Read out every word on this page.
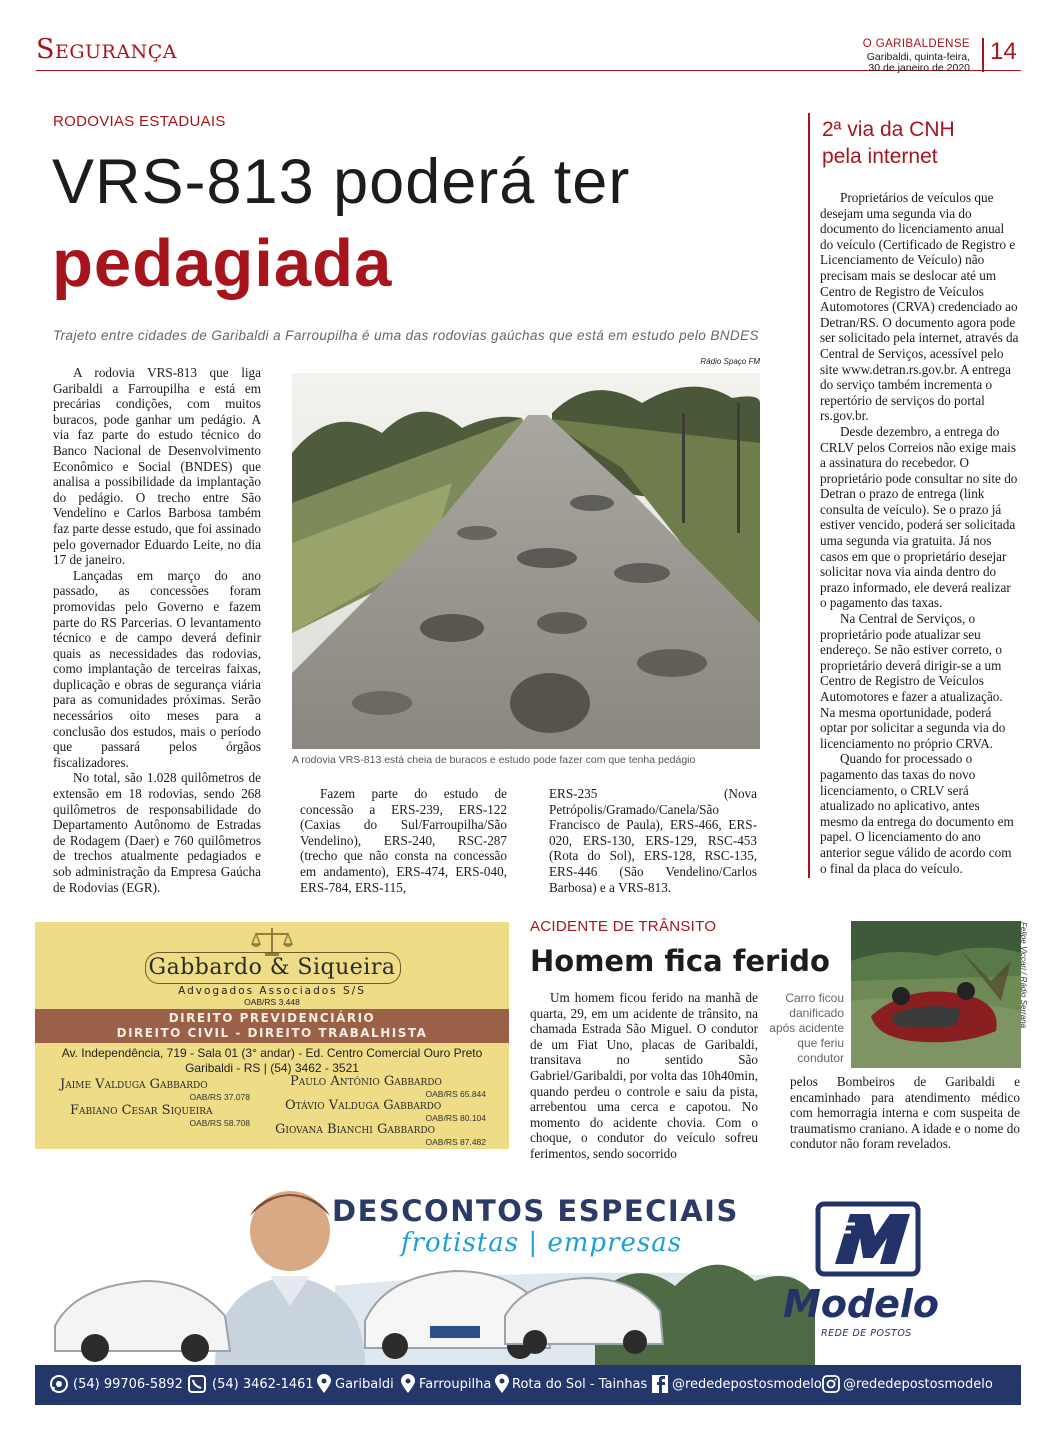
Segurança	O GARIBALDENSE
Garibaldi, quinta-feira,
30 de janeiro de 2020
14
RODOVIAS ESTADUAIS
VRS-813 poderá ter
pedagiada
Trajeto entre cidades de Garibaldi a Farroupilha é uma das rodovias gaúchas que está em estudo pelo BNDES

A rodovia VRS-813 que liga Garibaldi a Farroupilha e está em precárias condições, com muitos buracos, pode ganhar um pedágio. A via faz parte do estudo técnico do Banco Nacional de Desenvolvimento Econômico e Social (BNDES) que analisa a possibilidade da implantação do pedágio. O trecho entre São Vendelino e Carlos Barbosa também faz parte desse estudo, que foi assinado pelo governador Eduardo Leite, no dia 17 de janeiro.

Lançadas em março do ano passado, as concessões foram promovidas pelo Governo e fazem parte do RS Parcerias. O levantamento técnico e de campo deverá definir quais as necessidades das rodovias, como implantação de terceiras faixas, duplicação e obras de segurança viária para as comunidades próximas. Serão necessários oito meses para a conclusão dos estudos, mais o período que passará pelos órgãos fiscalizadores.

No total, são 1.028 quilômetros de extensão em 18 rodovias, sendo 268 quilômetros de responsabilidade do Departamento Autônomo de Estradas de Rodagem (Daer) e 760 quilômetros de trechos atualmente pedagiados e sob administração da Empresa Gaúcha de Rodovias (EGR).

Rádio Spaço FM
A rodovia VRS-813 está cheia de buracos e estudo pode fazer com que tenha pedágio

Fazem parte do estudo de concessão a ERS-239, ERS-122 (Caxias do Sul/Farroupilha/São Vendelino), ERS-240, RSC-287 (trecho que não consta na concessão em andamento), ERS-474, ERS-040, ERS-784, ERS-115,

ERS-235 (Nova Petrópolis/Gramado/Canela/São Francisco de Paula), ERS-466, ERS-020, ERS-130, ERS-129, RSC-453 (Rota do Sol), ERS-128, RSC-135, ERS-446 (São Vendelino/Carlos Barbosa) e a VRS-813.

2ª via da CNH
pela internet

Proprietários de veículos que desejam uma segunda via do documento do licenciamento anual do veículo (Certificado de Registro e Licenciamento de Veículo) não precisam mais se deslocar até um Centro de Registro de Veículos Automotores (CRVA) credenciado ao Detran/RS. O documento agora pode ser solicitado pela internet, através da Central de Serviços, acessível pelo site www.detran.rs.gov.br. A entrega do serviço também incrementa o repertório de serviços do portal rs.gov.br.

Desde dezembro, a entrega do CRLV pelos Correios não exige mais a assinatura do recebedor. O proprietário pode consultar no site do Detran o prazo de entrega (link consulta de veículo). Se o prazo já estiver vencido, poderá ser solicitada uma segunda via gratuita. Já nos casos em que o proprietário desejar solicitar nova via ainda dentro do prazo informado, ele deverá realizar o pagamento das taxas.

Na Central de Serviços, o proprietário pode atualizar seu endereço. Se não estiver correto, o proprietário deverá dirigir-se a um Centro de Registro de Veículos Automotores e fazer a atualização. Na mesma oportunidade, poderá optar por solicitar a segunda via do licenciamento no próprio CRVA.

Quando for processado o pagamento das taxas do novo licenciamento, o CRLV será atualizado no aplicativo, antes mesmo da entrega do documento em papel. O licenciamento do ano anterior segue válido de acordo com o final da placa do veículo.

Gabbardo & Siqueira
Advogados Associados S/S
OAB/RS 3.448
DIREITO PREVIDENCIÁRIO
DIREITO CIVIL - DIREITO TRABALHISTA
Av. Independência, 719 - Sala 01 (3° andar) - Ed. Centro Comercial Ouro Preto
Garibaldi - RS | (54) 3462 - 3521
Jaime Valduga Gabbardo
OAB/RS 37.078
Fabiano Cesar Siqueira
OAB/RS 58.708
Paulo Antônio Gabbardo
OAB/RS 65.844
Otávio Valduga Gabbardo
OAB/RS 80.104
Giovana Bianchi Gabbardo
OAB/RS 87.482
ACIDENTE DE TRÂNSITO
Homem fica ferido

Um homem ficou ferido na manhã de quarta, 29, em um acidente de trânsito, na chamada Estrada São Miguel. O condutor de um Fiat Uno, placas de Garibaldi, transitava no sentido São Gabriel/Garibaldi, por volta das 10h40min, quando perdeu o controle e saiu da pista, arrebentou uma cerca e capotou. No momento do acidente chovia. Com o choque, o condutor do veículo sofreu ferimentos, sendo socorrido

Carro ficou danificado após acidente que feriu condutor
Felipe Viccari / Rádio Serrana

pelos Bombeiros de Garibaldi e encaminhado para atendimento médico com hemorragia interna e com suspeita de traumatismo craniano. A idade e o nome do condutor não foram revelados.

DESCONTOS ESPECIAIS
frotistas | empresas
Modelo
REDE DE POSTOS
(54) 99706-5892 (54) 3462-1461 Garibaldi Farroupilha Rota do Sol - Tainhas @rededepostosmodelo @rededepostosmodelo
